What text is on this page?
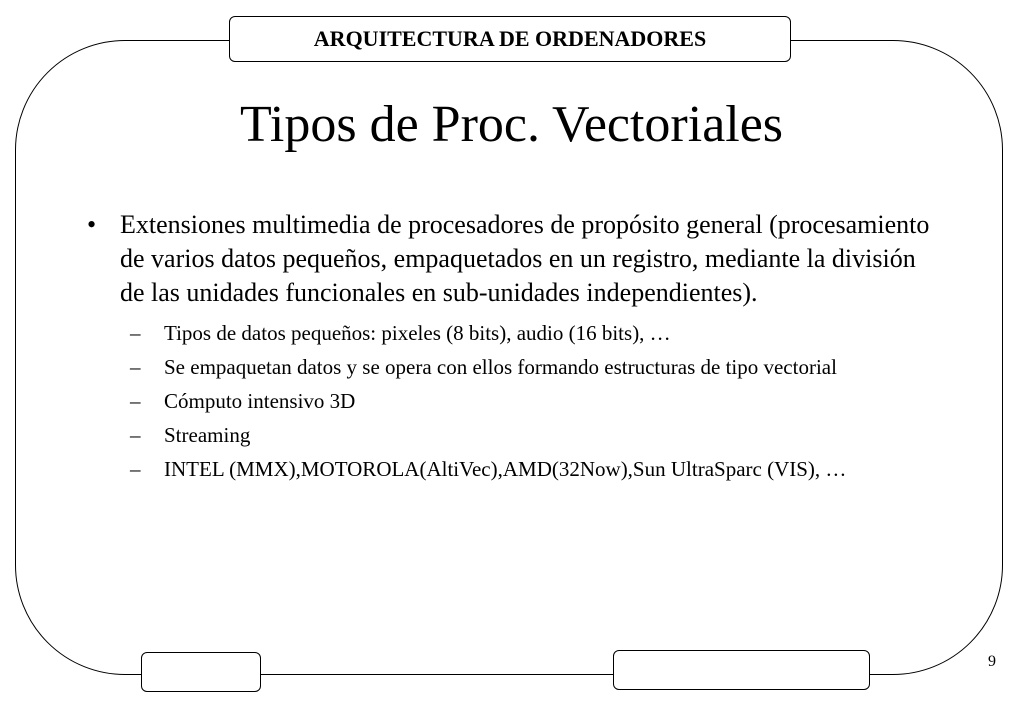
ARQUITECTURA DE ORDENADORES
Tipos de Proc. Vectoriales
• Extensiones multimedia de procesadores de propósito general (procesamiento de varios datos pequeños, empaquetados en un registro, mediante la división de las unidades funcionales en sub-unidades independientes).
–	Tipos de datos pequeños: pixeles (8 bits), audio (16 bits), …
–	Se empaquetan datos y se opera con ellos formando estructuras de tipo vectorial
–	Cómputo intensivo 3D
–	Streaming
–	INTEL (MMX),MOTOROLA(AltiVec),AMD(32Now),Sun UltraSparc (VIS), …
9
